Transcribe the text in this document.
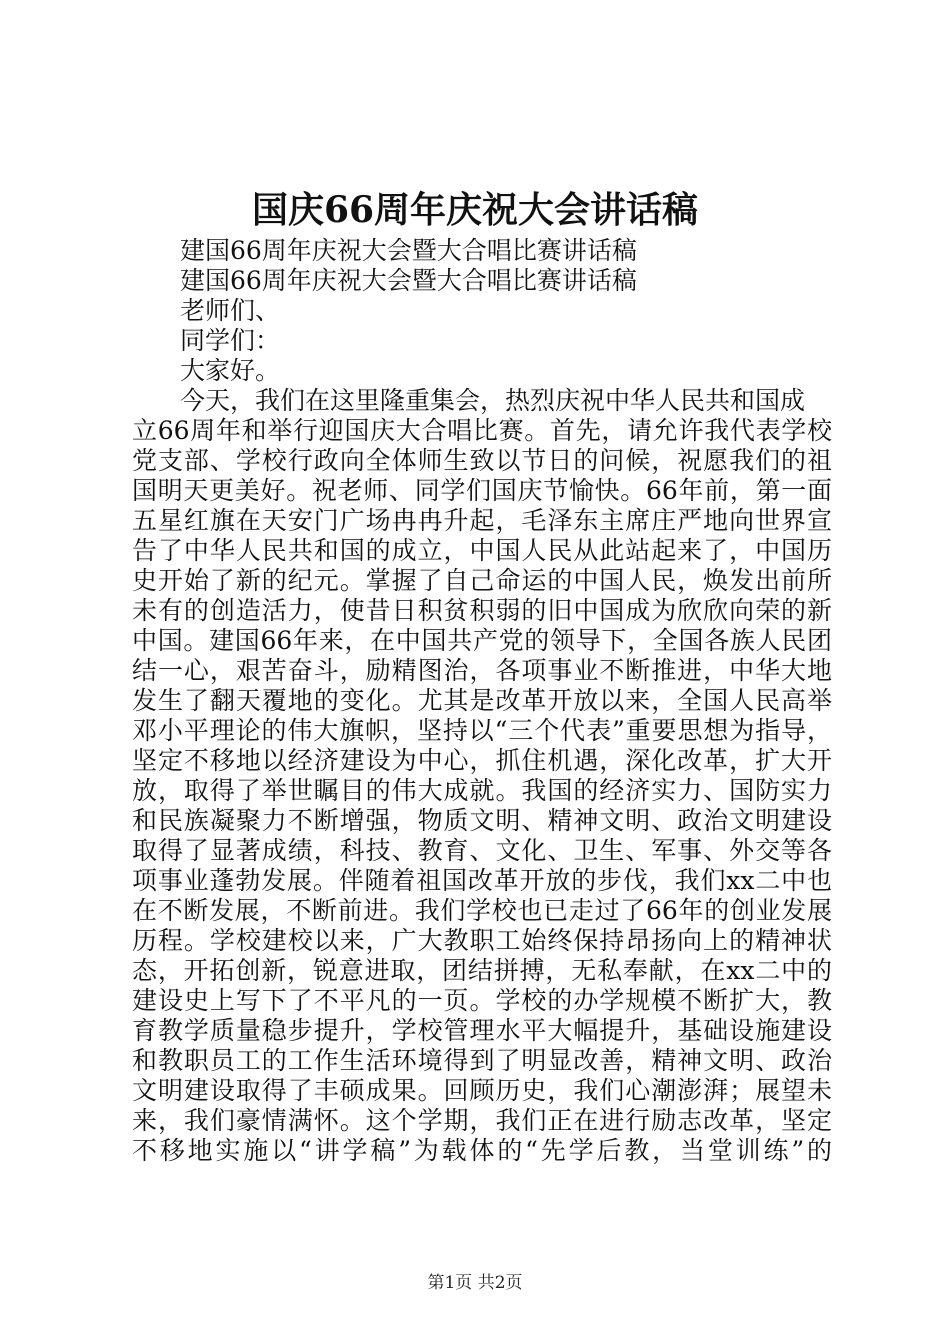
国庆66周年庆祝大会讲话稿
建国66周年庆祝大会暨大合唱比赛讲话稿
建国66周年庆祝大会暨大合唱比赛讲话稿
老师们、
同学们：
大家好。
今天，我们在这里隆重集会，热烈庆祝中华人民共和国成
立66周年和举行迎国庆大合唱比赛。首先，请允许我代表学校
党支部、学校行政向全体师生致以节日的问候，祝愿我们的祖
国明天更美好。祝老师、同学们国庆节愉快。66年前，第一面
五星红旗在天安门广场冉冉升起，毛泽东主席庄严地向世界宣
告了中华人民共和国的成立，中国人民从此站起来了，中国历
史开始了新的纪元。掌握了自己命运的中国人民，焕发出前所
未有的创造活力，使昔日积贫积弱的旧中国成为欣欣向荣的新
中国。建国66年来，在中国共产党的领导下，全国各族人民团
结一心，艰苦奋斗，励精图治，各项事业不断推进，中华大地
发生了翻天覆地的变化。尤其是改革开放以来，全国人民高举
邓小平理论的伟大旗帜，坚持以“三个代表”重要思想为指导，
坚定不移地以经济建设为中心，抓住机遇，深化改革，扩大开
放，取得了举世瞩目的伟大成就。我国的经济实力、国防实力
和民族凝聚力不断增强，物质文明、精神文明、政治文明建设
取得了显著成绩，科技、教育、文化、卫生、军事、外交等各
项事业蓬勃发展。伴随着祖国改革开放的步伐，我们xx二中也
在不断发展，不断前进。我们学校也已走过了66年的创业发展
历程。学校建校以来，广大教职工始终保持昂扬向上的精神状
态，开拓创新，锐意进取，团结拼搏，无私奉献，在xx二中的
建设史上写下了不平凡的一页。学校的办学规模不断扩大，教
育教学质量稳步提升，学校管理水平大幅提升，基础设施建设
和教职员工的工作生活环境得到了明显改善，精神文明、政治
文明建设取得了丰硕成果。回顾历史，我们心潮澎湃；展望未
来，我们豪情满怀。这个学期，我们正在进行励志改革，坚定
不移地实施以“讲学稿”为载体的“先学后教，当堂训练”的
第1页 共2页
